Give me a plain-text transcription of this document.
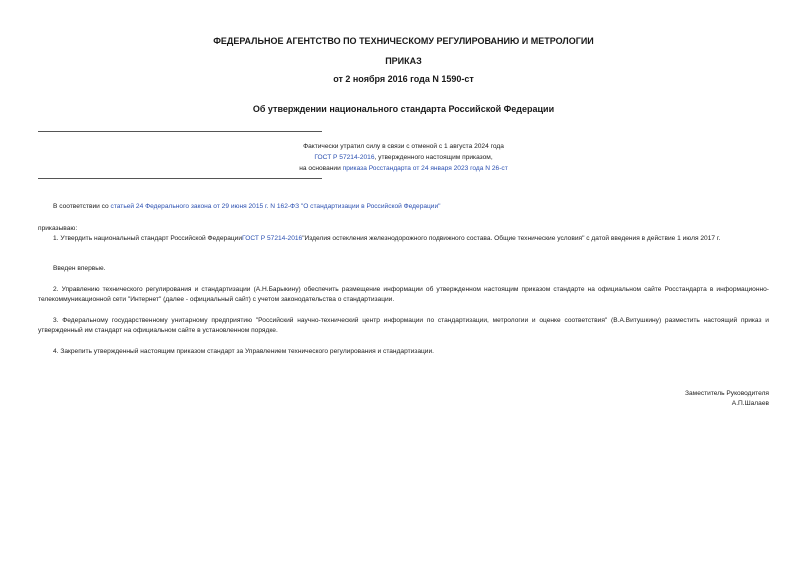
ФЕДЕРАЛЬНОЕ АГЕНТСТВО ПО ТЕХНИЧЕСКОМУ РЕГУЛИРОВАНИЮ И МЕТРОЛОГИИ
ПРИКАЗ
от 2 ноября 2016 года N 1590-ст
Об утверждении национального стандарта Российской Федерации
Фактически утратил силу в связи с отменой с 1 августа 2024 года
ГОСТ Р 57214-2016, утвержденного настоящим приказом,
на основании приказа Росстандарта от 24 января 2023 года N 26-ст
В соответствии со статьей 24 Федерального закона от 29 июня 2015 г. N 162-ФЗ "О стандартизации в Российской Федерации"
приказываю:
1. Утвердить национальный стандарт Российской ФедерацииГОСТ Р 57214-2016"Изделия остекления железнодорожного подвижного состава. Общие технические условия" с датой введения в действие 1 июля 2017 г.
Введен впервые.
2. Управлению технического регулирования и стандартизации (А.Н.Барыкину) обеспечить размещение информации об утвержденном настоящим приказом стандарте на официальном сайте Росстандарта в информационно-телекоммуникационной сети "Интернет" (далее - официальный сайт) с учетом законодательства о стандартизации.
3. Федеральному государственному унитарному предприятию "Российский научно-технический центр информации по стандартизации, метрологии и оценке соответствия" (В.А.Витушкину) разместить настоящий приказ и утвержденный им стандарт на официальном сайте в установленном порядке.
4. Закрепить утвержденный настоящим приказом стандарт за Управлением технического регулирования и стандартизации.
Заместитель Руководителя
А.П.Шалаев
